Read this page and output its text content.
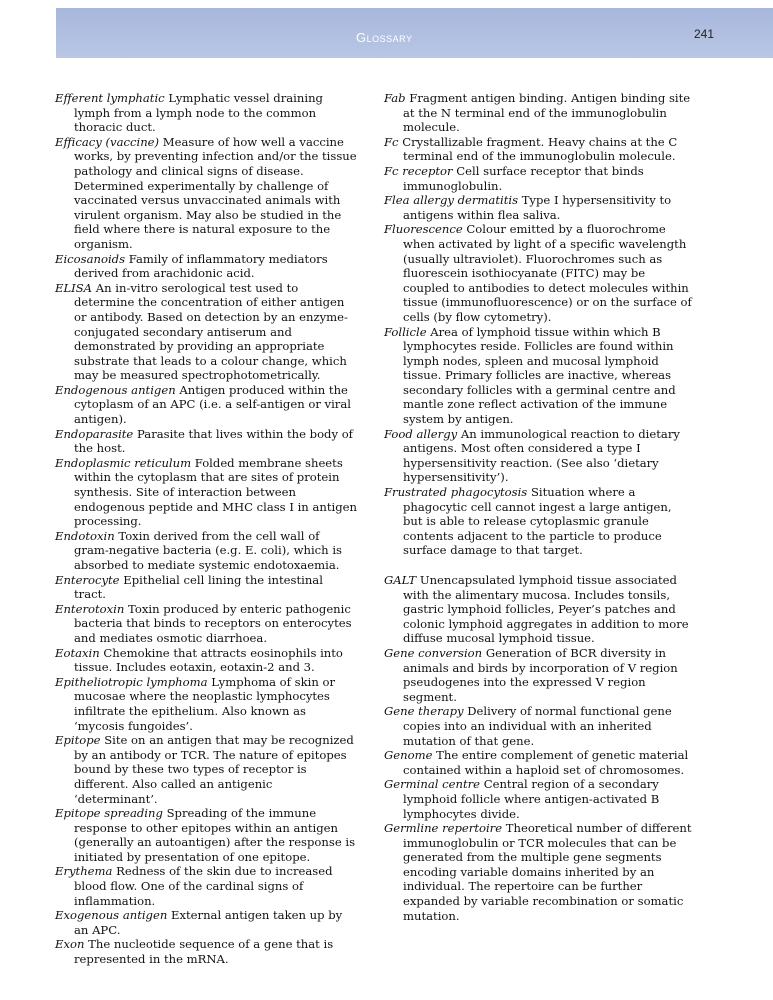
Glossary	241

Efferent lymphatic Lymphatic vessel draining lymph from a lymph node to the common thoracic duct.

Efficacy (vaccine) Measure of how well a vaccine works, by preventing infection and/or the tissue pathology and clinical signs of disease. Determined experimentally by challenge of vaccinated versus unvaccinated animals with virulent organism. May also be studied in the field where there is natural exposure to the organism.

Eicosanoids Family of inflammatory mediators derived from arachidonic acid.

ELISA An in-vitro serological test used to determine the concentration of either antigen or antibody. Based on detection by an enzyme-conjugated secondary antiserum and demonstrated by providing an appropriate substrate that leads to a colour change, which may be measured spectrophotometrically.

Endogenous antigen Antigen produced within the cytoplasm of an APC (i.e. a self-antigen or viral antigen).

Endoparasite Parasite that lives within the body of the host.

Endoplasmic reticulum Folded membrane sheets within the cytoplasm that are sites of protein synthesis. Site of interaction between endogenous peptide and MHC class I in antigen processing.

Endotoxin Toxin derived from the cell wall of gram-negative bacteria (e.g. E. coli), which is absorbed to mediate systemic endotoxaemia.

Enterocyte Epithelial cell lining the intestinal tract.

Enterotoxin Toxin produced by enteric pathogenic bacteria that binds to receptors on enterocytes and mediates osmotic diarrhoea.

Eotaxin Chemokine that attracts eosinophils into tissue. Includes eotaxin, eotaxin-2 and 3.

Epitheliotropic lymphoma Lymphoma of skin or mucosae where the neoplastic lymphocytes infiltrate the epithelium. Also known as ‘mycosis fungoides’.

Epitope Site on an antigen that may be recognized by an antibody or TCR. The nature of epitopes bound by these two types of receptor is different. Also called an antigenic ‘determinant’.

Epitope spreading Spreading of the immune response to other epitopes within an antigen (generally an autoantigen) after the response is initiated by presentation of one epitope.

Erythema Redness of the skin due to increased blood flow. One of the cardinal signs of inflammation.

Exogenous antigen External antigen taken up by an APC.

Exon The nucleotide sequence of a gene that is represented in the mRNA.

Fab Fragment antigen binding. Antigen binding site at the N terminal end of the immunoglobulin molecule.

Fc Crystallizable fragment. Heavy chains at the C terminal end of the immunoglobulin molecule.

Fc receptor Cell surface receptor that binds immunoglobulin.

Flea allergy dermatitis Type I hypersensitivity to antigens within flea saliva.

Fluorescence Colour emitted by a fluorochrome when activated by light of a specific wavelength (usually ultraviolet). Fluorochromes such as fluorescein isothiocyanate (FITC) may be coupled to antibodies to detect molecules within tissue (immunofluorescence) or on the surface of cells (by flow cytometry).

Follicle Area of lymphoid tissue within which B lymphocytes reside. Follicles are found within lymph nodes, spleen and mucosal lymphoid tissue. Primary follicles are inactive, whereas secondary follicles with a germinal centre and mantle zone reflect activation of the immune system by antigen.

Food allergy An immunological reaction to dietary antigens. Most often considered a type I hypersensitivity reaction. (See also ‘dietary hypersensitivity’).

Frustrated phagocytosis Situation where a phagocytic cell cannot ingest a large antigen, but is able to release cytoplasmic granule contents adjacent to the particle to produce surface damage to that target.

GALT Unencapsulated lymphoid tissue associated with the alimentary mucosa. Includes tonsils, gastric lymphoid follicles, Peyer’s patches and colonic lymphoid aggregates in addition to more diffuse mucosal lymphoid tissue.

Gene conversion Generation of BCR diversity in animals and birds by incorporation of V region pseudogenes into the expressed V region segment.

Gene therapy Delivery of normal functional gene copies into an individual with an inherited mutation of that gene.

Genome The entire complement of genetic material contained within a haploid set of chromosomes.

Germinal centre Central region of a secondary lymphoid follicle where antigen-activated B lymphocytes divide.

Germline repertoire Theoretical number of different immunoglobulin or TCR molecules that can be generated from the multiple gene segments encoding variable domains inherited by an individual. The repertoire can be further expanded by variable recombination or somatic mutation.
